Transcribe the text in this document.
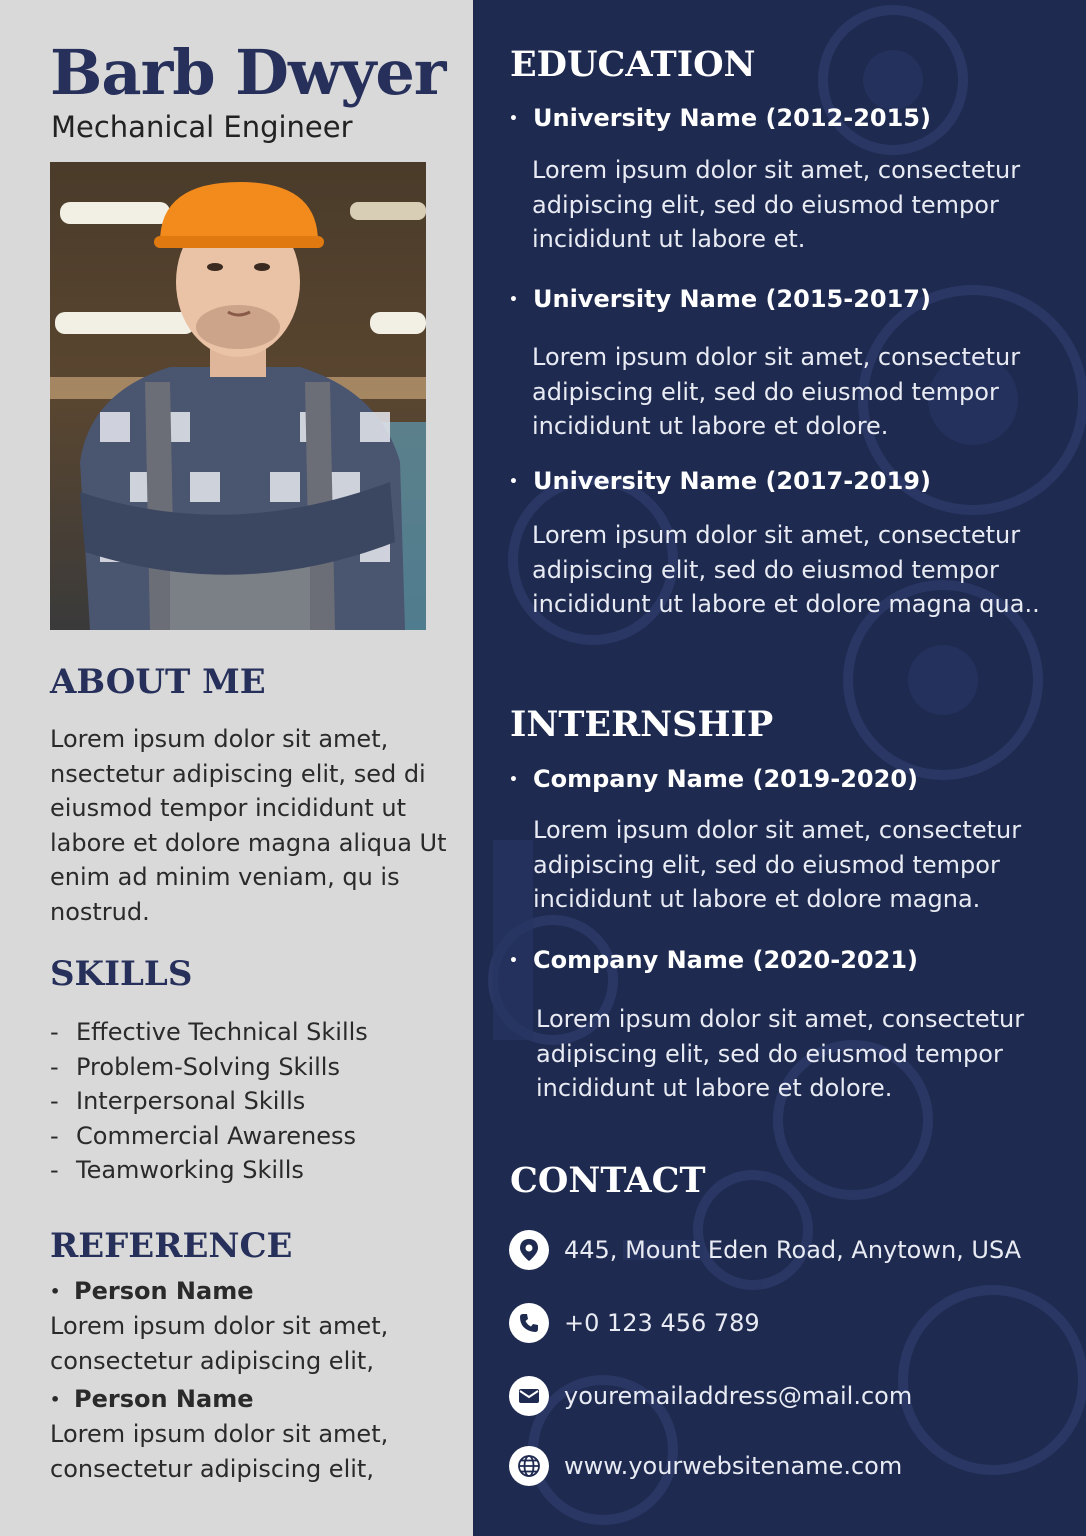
Barb Dwyer
Mechanical Engineer
ABOUT ME
Lorem ipsum dolor sit amet, nsectetur adipiscing elit, sed di eiusmod tempor incididunt ut labore et dolore magna aliqua Ut enim ad minim veniam, qu is nostrud.
SKILLS
- Effective Technical Skills
- Problem-Solving Skills
- Interpersonal Skills
- Commercial Awareness
- Teamworking Skills
REFERENCE
• Person Name
Lorem ipsum dolor sit amet, consectetur adipiscing elit,
• Person Name
Lorem ipsum dolor sit amet, consectetur adipiscing elit,
EDUCATION
• University Name (2012-2015)
Lorem ipsum dolor sit amet, consectetur adipiscing elit, sed do eiusmod tempor incididunt ut labore et.
• University Name (2015-2017)
Lorem ipsum dolor sit amet, consectetur adipiscing elit, sed do eiusmod tempor incididunt ut labore et dolore.
• University Name (2017-2019)
Lorem ipsum dolor sit amet, consectetur adipiscing elit, sed do eiusmod tempor incididunt ut labore et dolore magna qua..
INTERNSHIP
• Company Name (2019-2020)
Lorem ipsum dolor sit amet, consectetur adipiscing elit, sed do eiusmod tempor incididunt ut labore et dolore magna.
• Company Name (2020-2021)
Lorem ipsum dolor sit amet, consectetur adipiscing elit, sed do eiusmod tempor incididunt ut labore et dolore.
CONTACT
445, Mount Eden Road, Anytown, USA
+0 123 456 789
youremailaddress@mail.com
www.yourwebsitename.com
